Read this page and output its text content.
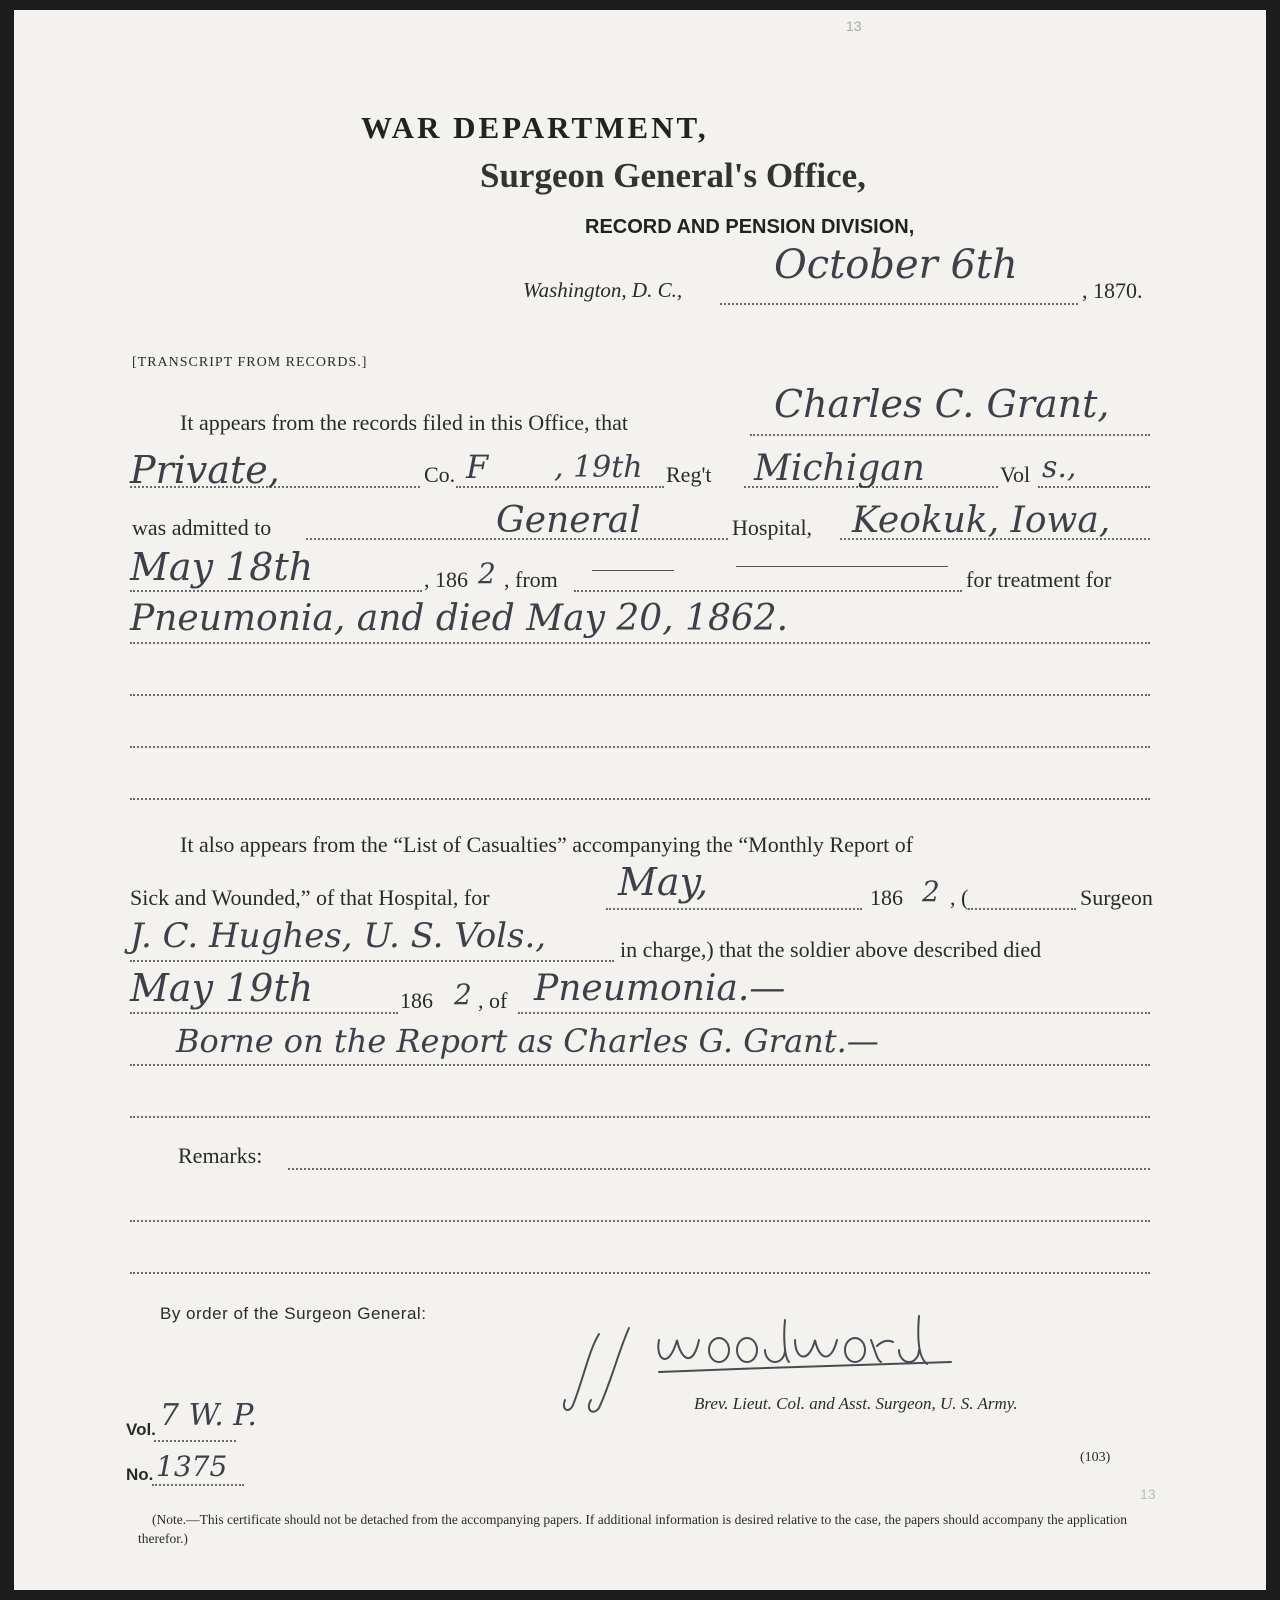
13
WAR DEPARTMENT,
Surgeon General's Office,
RECORD AND PENSION DIVISION,
Washington, D. C.,
October 6th
, 1870.
[TRANSCRIPT FROM RECORDS.]
It appears from the records filed in this Office, that	Charles C. Grant,
Private,	Co. F , 19th Reg't Michigan	Vol s.,
was admitted to	General	Hospital, Keokuk, Iowa,
May 18th	, 186 2 , from	for treatment for
Pneumonia, and died May 20, 1862.
It also appears from the “List of Casualties” accompanying the “Monthly Report of
Sick and Wounded,” of that Hospital, for	May,	186 2 , (	Surgeon
J. C. Hughes, U. S. Vols.,	in charge,) that the soldier above described died
May 19th	186 2 , of Pneumonia.—
Borne on the Report as Charles G. Grant.—
Remarks:
By order of the Surgeon General:
Brev. Lieut. Col. and Asst. Surgeon, U. S. Army.
Vol. 7 W. P.
No. 1375	(103)
13
(Note.—This certificate should not be detached from the accompanying papers. If additional information is desired relative to the case, the papers should accompany the application therefor.)
